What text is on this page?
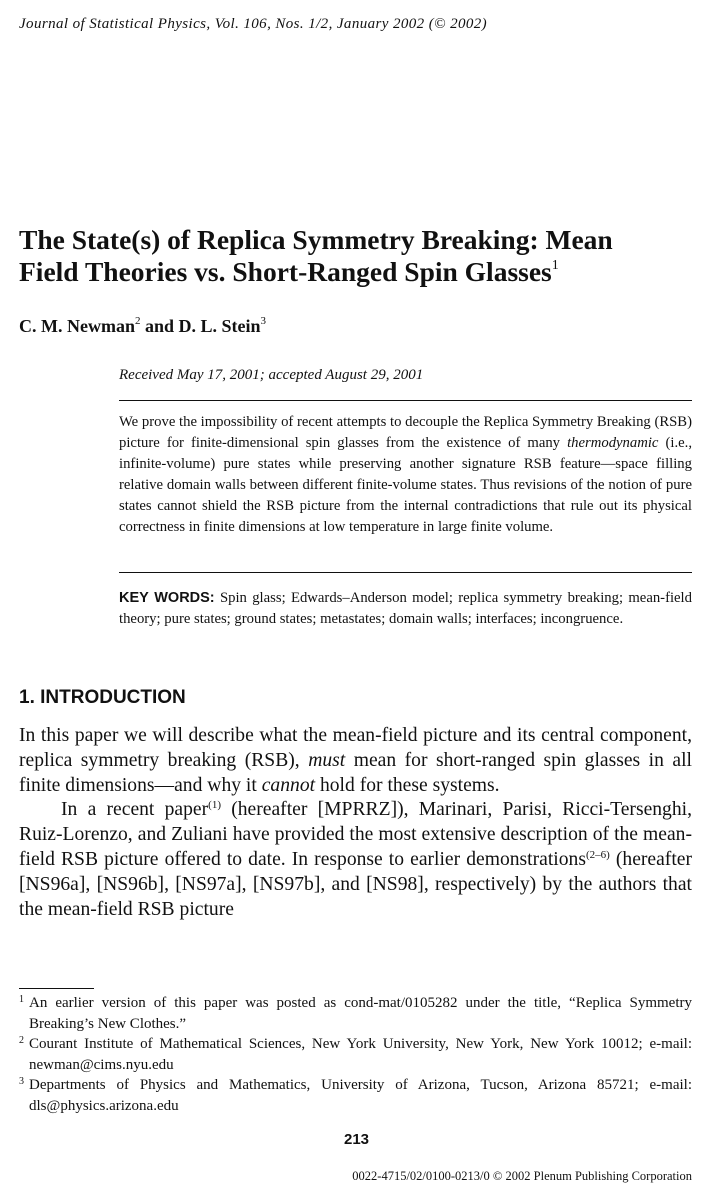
Journal of Statistical Physics, Vol. 106, Nos. 1/2, January 2002 (© 2002)
The State(s) of Replica Symmetry Breaking: Mean
Field Theories vs. Short-Ranged Spin Glasses$^1$

C. M. Newman$^2$ and D. L. Stein$^3$

Received May 17, 2001; accepted August 29, 2001

We prove the impossibility of recent attempts to decouple the Replica Symmetry Breaking (RSB) picture for finite-dimensional spin glasses from the existence of many thermodynamic (i.e., infinite-volume) pure states while preserving another signature RSB feature—space filling relative domain walls between different finite-volume states. Thus revisions of the notion of pure states cannot shield the RSB picture from the internal contradictions that rule out its physical correctness in finite dimensions at low temperature in large finite volume.

KEY WORDS: Spin glass; Edwards–Anderson model; replica symmetry breaking; mean-field theory; pure states; ground states; metastates; domain walls; interfaces; incongruence.

1. INTRODUCTION

In this paper we will describe what the mean-field picture and its central component, replica symmetry breaking (RSB), must mean for short-ranged spin glasses in all finite dimensions—and why it cannot hold for these systems.

In a recent paper$^{(1)}$ (hereafter [MPRRZ]), Marinari, Parisi, Ricci-Tersenghi, Ruiz-Lorenzo, and Zuliani have provided the most extensive description of the mean-field RSB picture offered to date. In response to earlier demonstrations$^{(2-6)}$ (hereafter [NS96a], [NS96b], [NS97a], [NS97b], and [NS98], respectively) by the authors that the mean-field RSB picture

1 An earlier version of this paper was posted as cond-mat/0105282 under the title, “Replica Symmetry Breaking’s New Clothes.”

2 Courant Institute of Mathematical Sciences, New York University, New York, New York 10012; e-mail: newman@cims.nyu.edu

3 Departments of Physics and Mathematics, University of Arizona, Tucson, Arizona 85721; e-mail: dls@physics.arizona.edu

213
0022-4715/02/0100-0213/0 © 2002 Plenum Publishing Corporation
